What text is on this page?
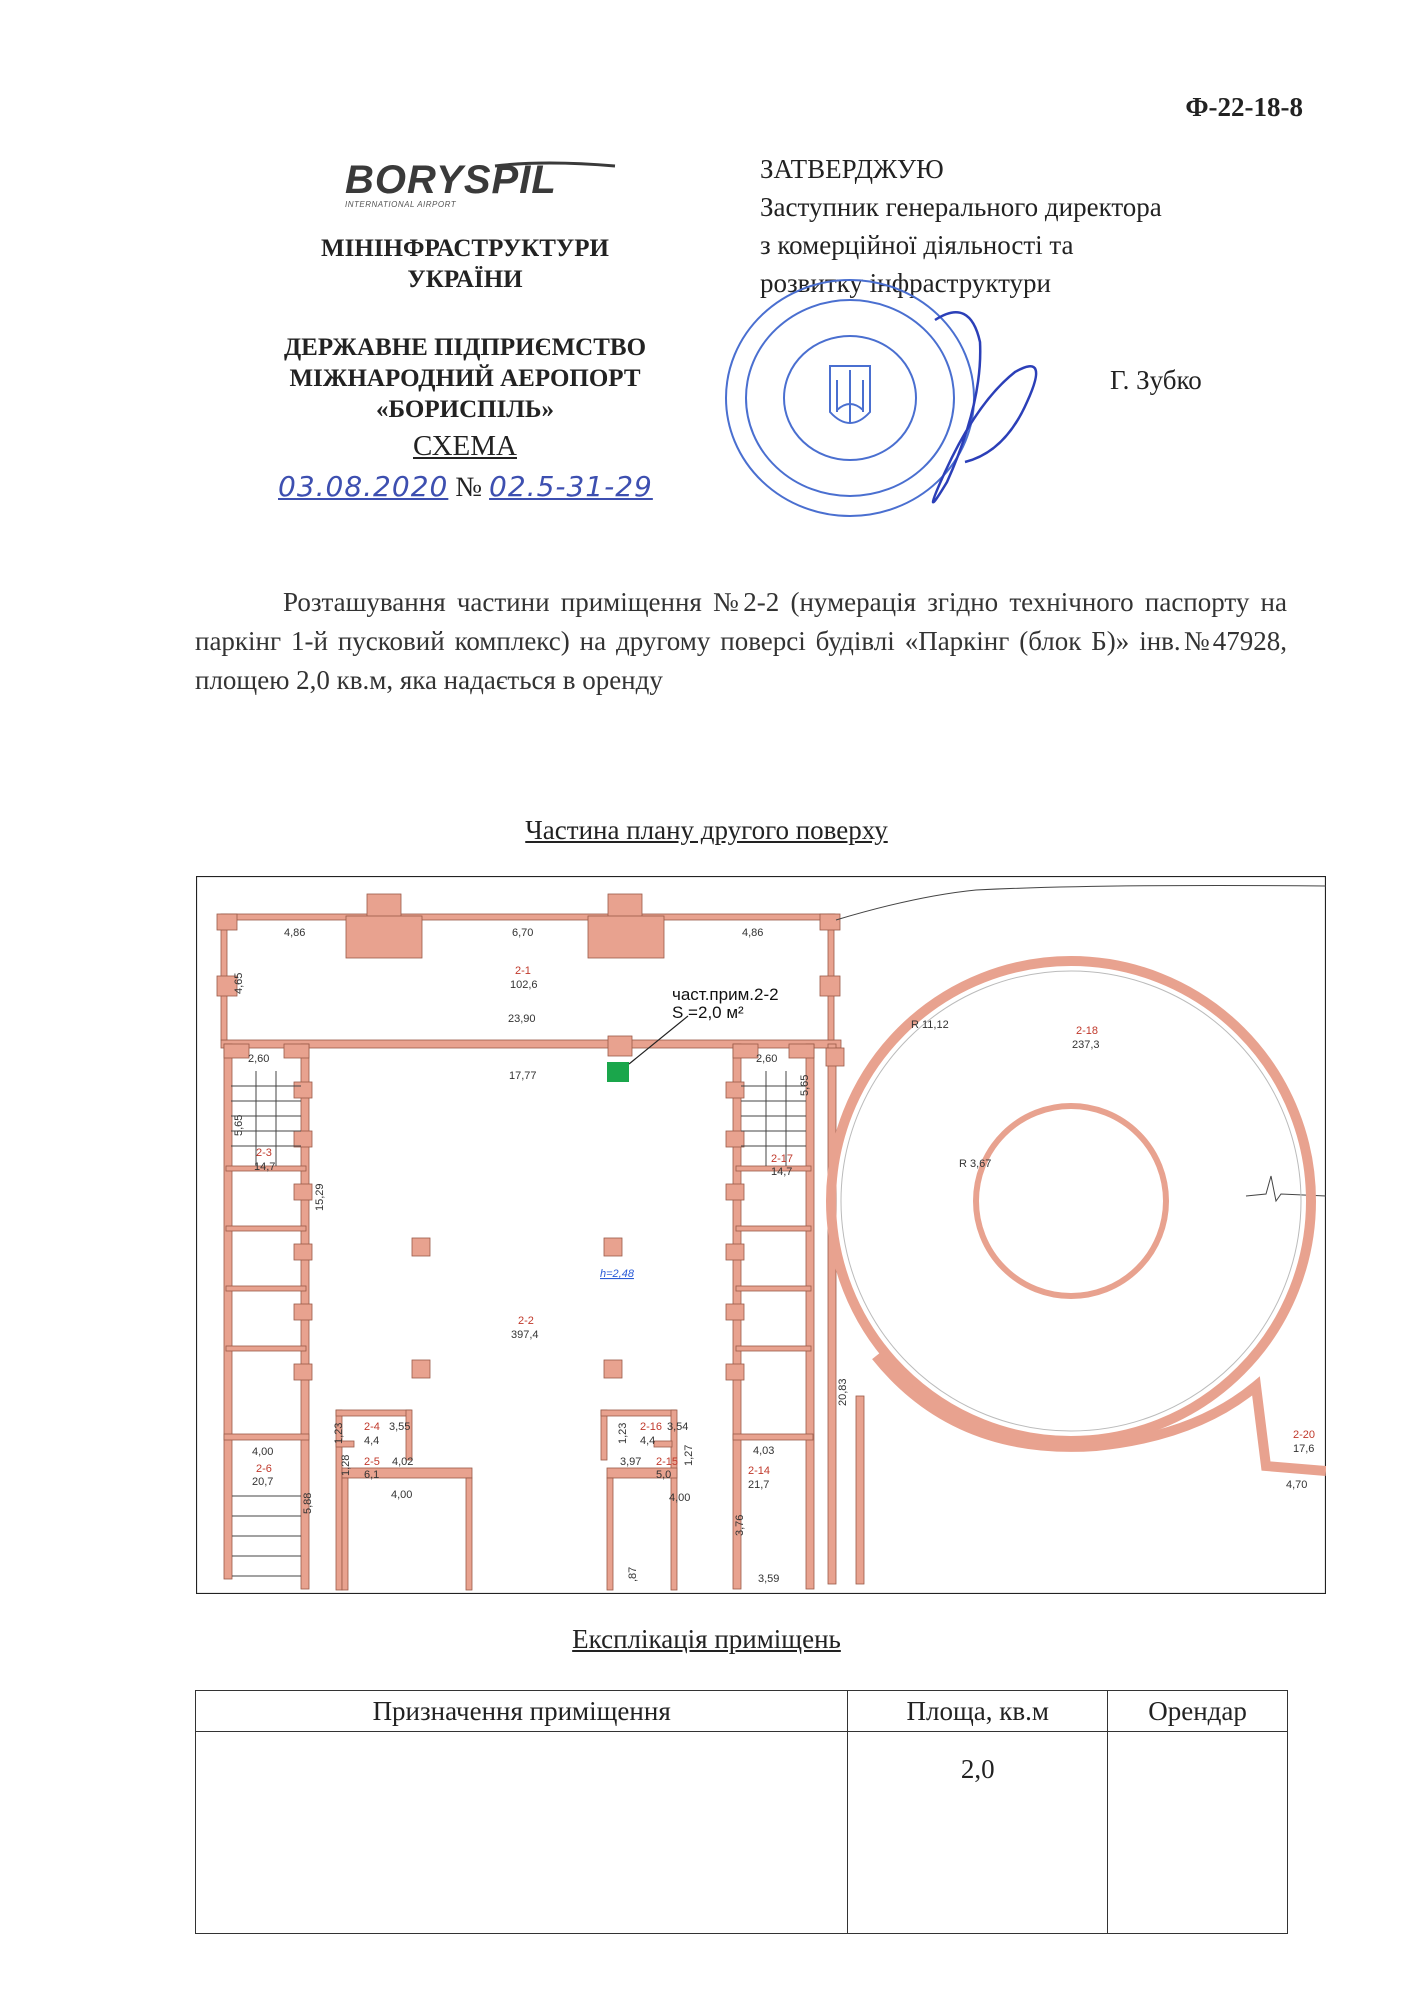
Ф-22-18-8
BORYSPIL
INTERNATIONAL AIRPORT
МІНІНФРАСТРУКТУРИ
УКРАЇНИ
ДЕРЖАВНЕ ПІДПРИЄМСТВО
МІЖНАРОДНИЙ АЕРОПОРТ
«БОРИСПІЛЬ»
СХЕМА
03.08.2020 № 02.5-31-29
ЗАТВЕРДЖУЮ
Заступник генерального директора
з комерційної діяльності та
розвитку інфраструктури
Г. Зубко

Розташування частини приміщення №2-2 (нумерація згідно технічного паспорту на паркінг 1-й пусковий комплекс) на другому поверсі будівлі «Паркінг (блок Б)» інв.№47928, площею 2,0 кв.м, яка надається в оренду

Частина плану другого поверху
част.прим.2-2
S =2,0 м²
4,86	6,70	4,86
4,65
2-1
102,6
23,90
2,60
17,77
2,60
5,65
2-3
14,7
5,65
2-17
14,7
15,29
h=2,48
2-2
397,4
20,83
2-18
237,3
R 11,12
R 3,67
1,23 2-4
4,4
3,55	1,23 2-16
4,4
3,54
4,00
1,28 2-5
6,1
4,02	3,97 2-15
5,0
1,27	4,03
2-6
20,7
2-14
21,7
5,88	4,00	4,00
3,76
3,59
,87
2-20
17,6
4,70
Експлікація приміщень
Призначення приміщення	Площа, кв.м	Орендар
	2,0	
